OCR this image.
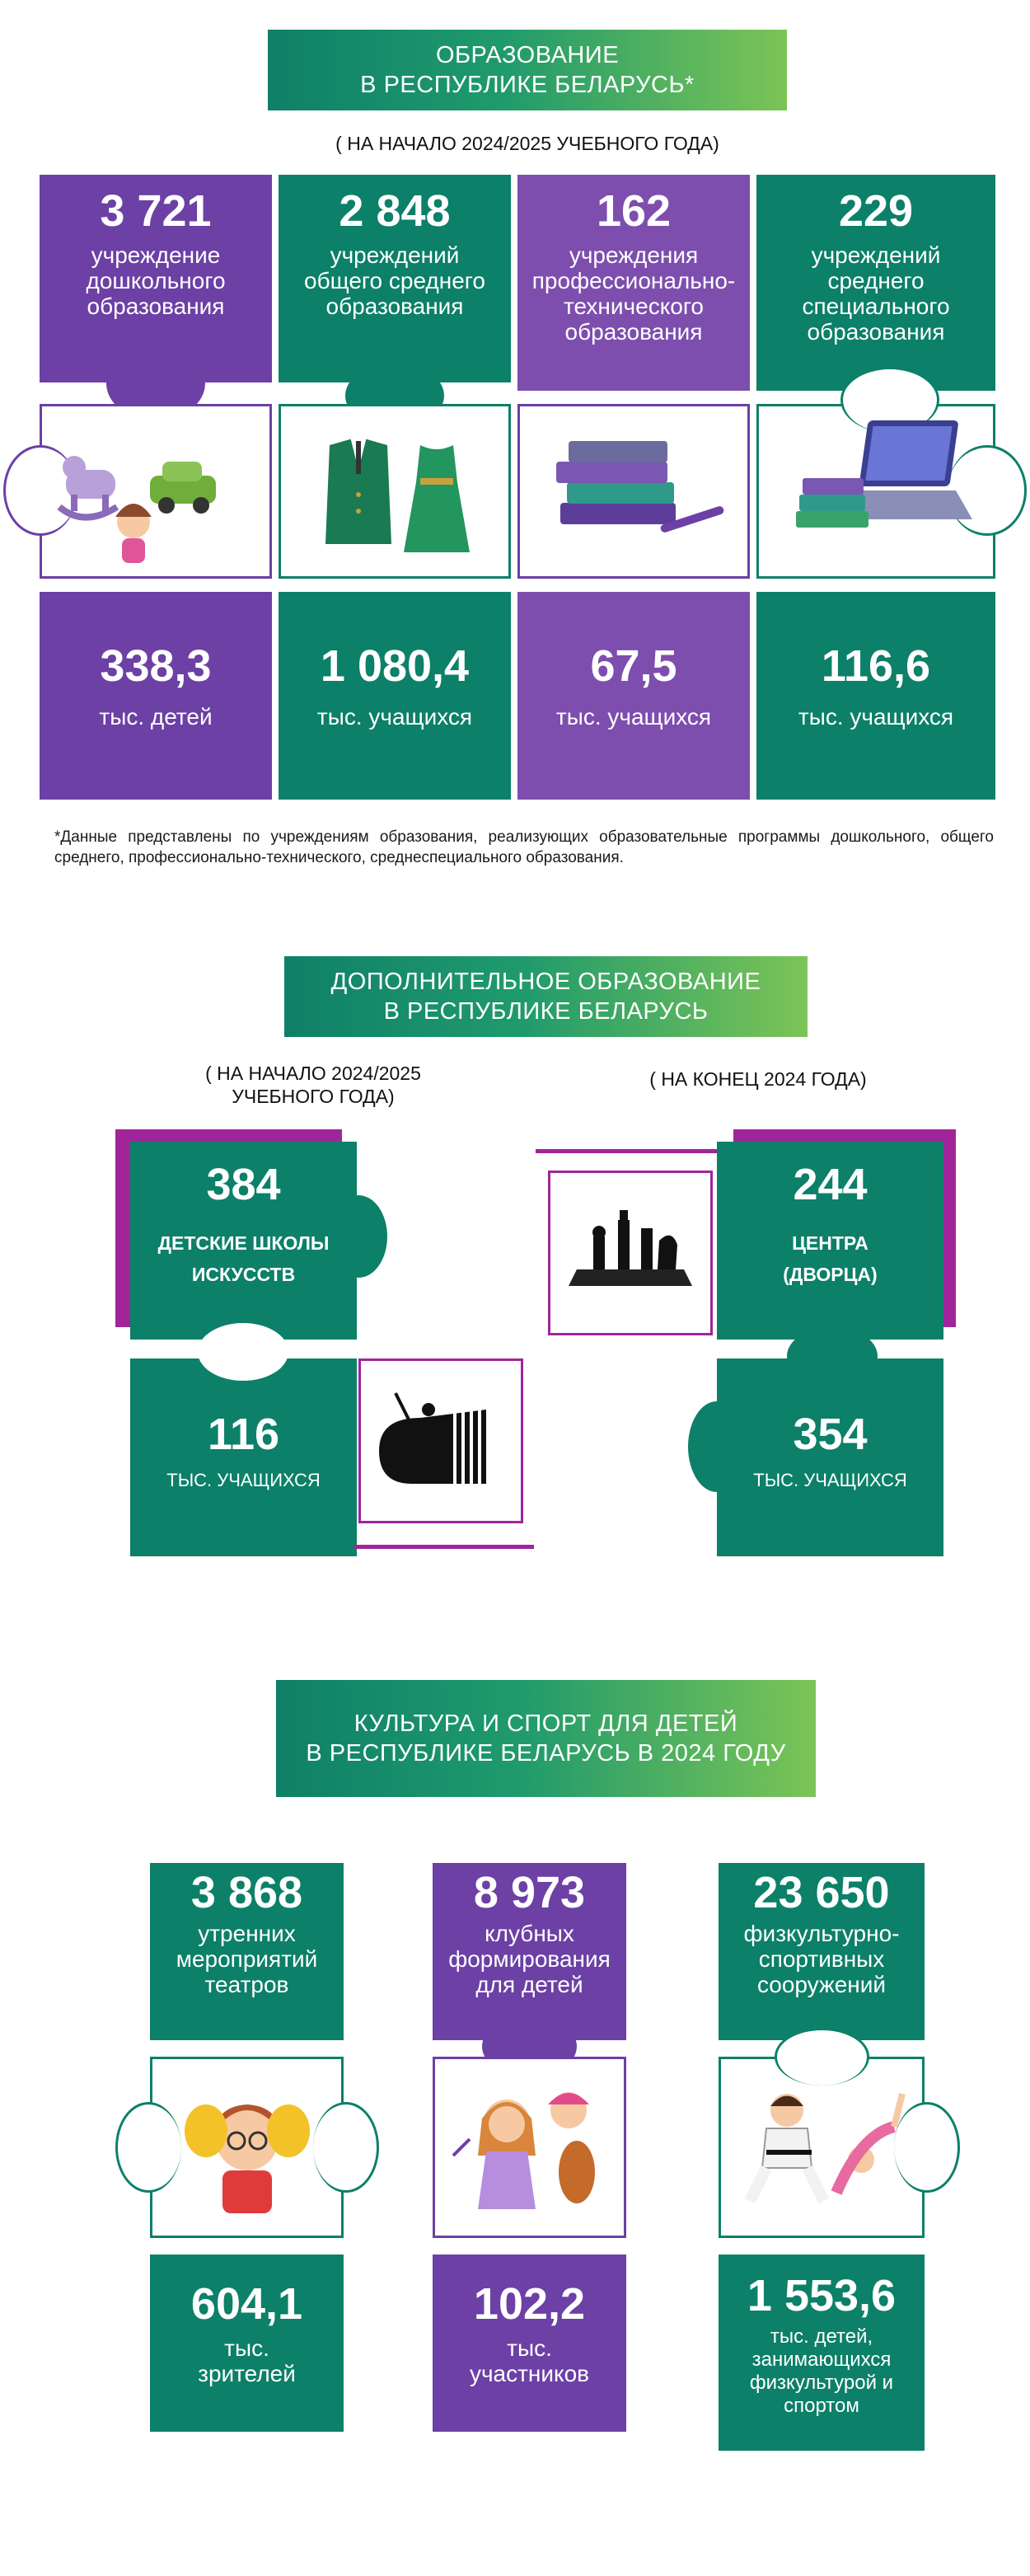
ОБРАЗОВАНИЕ
В РЕСПУБЛИКЕ БЕЛАРУСЬ*
( НА НАЧАЛО 2024/2025 УЧЕБНОГО ГОДА)
3 721
учреждение
дошкольного
образования
338,3
тыс. детей
2 848
учреждений
общего среднего
образования
1 080,4
тыс. учащихся
162
учреждения
профессионально-
технического
образования
67,5
тыс. учащихся
229
учреждений
среднего
специального
образования
116,6
тыс. учащихся
*Данные представлены по учреждениям образования, реализующих образовательные программы дошкольного, общего среднего, профессионально-технического, среднеспециального образования.
ДОПОЛНИТЕЛЬНОЕ ОБРАЗОВАНИЕ
В РЕСПУБЛИКЕ БЕЛАРУСЬ
( НА НАЧАЛО 2024/2025
УЧЕБНОГО ГОДА)
( НА КОНЕЦ 2024 ГОДА)
384
ДЕТСКИЕ ШКОЛЫ
ИСКУССТВ
116
ТЫС. УЧАЩИХСЯ
244
ЦЕНТРА
(ДВОРЦА)
354
ТЫС. УЧАЩИХСЯ
КУЛЬТУРА И СПОРТ ДЛЯ ДЕТЕЙ
В РЕСПУБЛИКЕ БЕЛАРУСЬ В 2024 ГОДУ
3 868
утренних
мероприятий
театров
604,1
тыс.
зрителей
8 973
клубных
формирования
для детей
102,2
тыс.
участников
23 650
физкультурно-
спортивных
сооружений
1 553,6
тыс. детей,
занимающихся
физкультурой и
спортом
